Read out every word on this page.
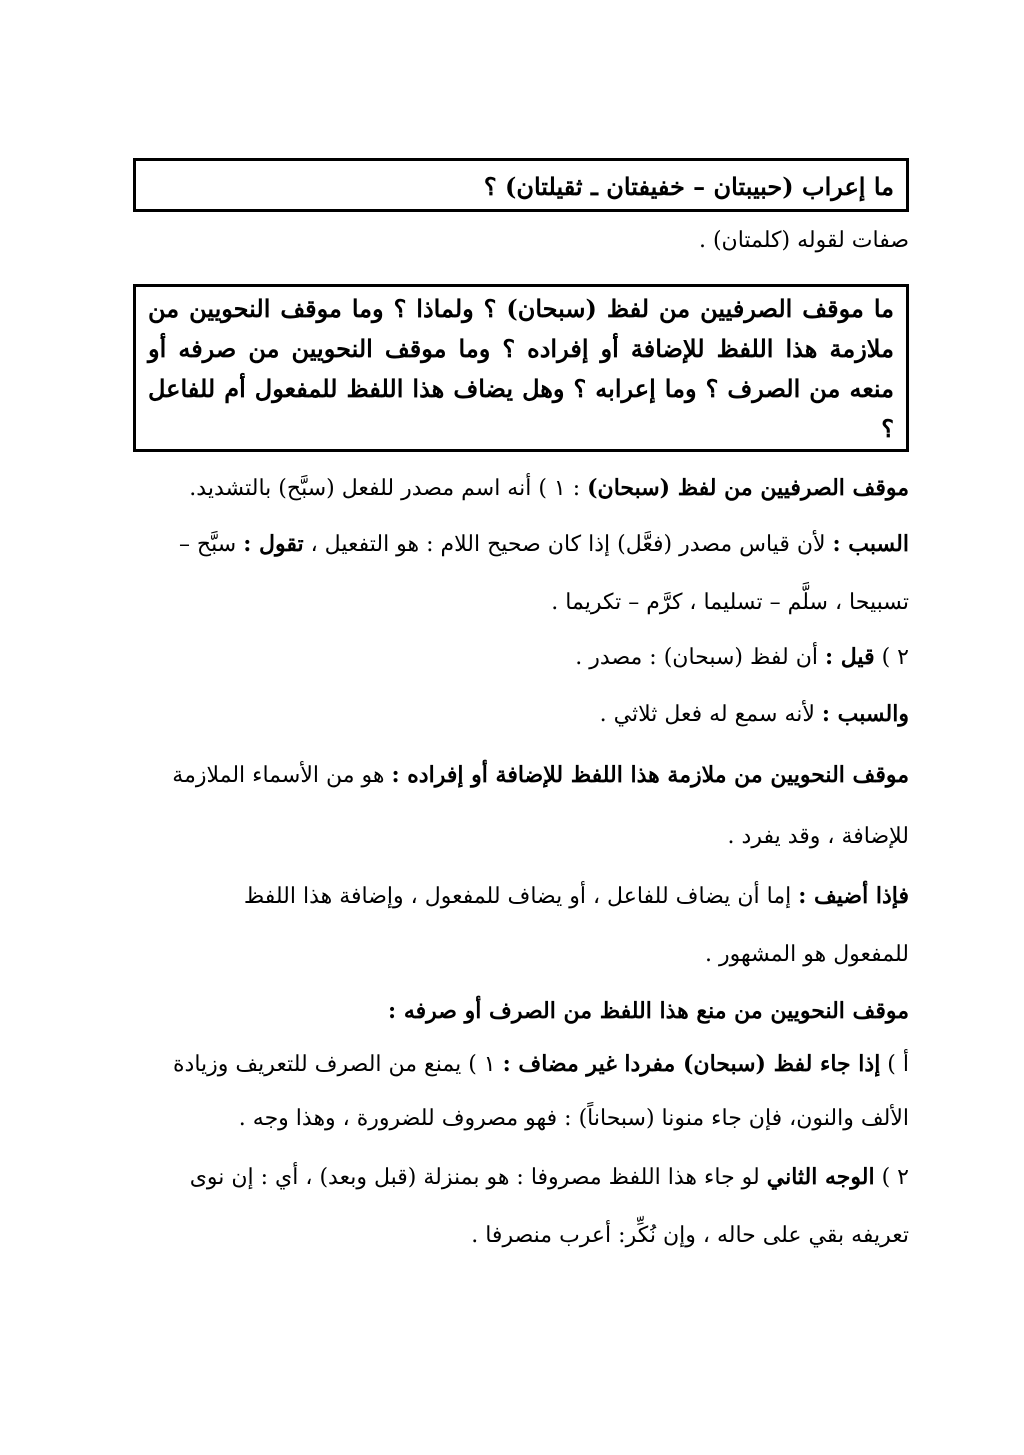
ما إعراب (حبيبتان – خفيفتان ـ ثقيلتان) ؟
صفات لقوله (كلمتان) .
ما موقف الصرفيين من لفظ (سبحان) ؟ ولماذا ؟ وما موقف النحويين من ملازمة هذا اللفظ للإضافة أو إفراده ؟ وما موقف النحويين من صرفه أو منعه من الصرف ؟ وما إعرابه ؟ وهل يضاف هذا اللفظ للمفعول أم للفاعل ؟
موقف الصرفيين من لفظ (سبحان) : ١ ) أنه اسم مصدر للفعل (سبَّح) بالتشديد.
السبب : لأن قياس مصدر (فعَّل) إذا كان صحيح اللام : هو التفعيل ، تقول : سبَّح –
تسبيحا ، سلَّم – تسليما ، كرَّم – تكريما .
٢ ) قيل : أن لفظ (سبحان) : مصدر .
والسبب : لأنه سمع له فعل ثلاثي .
موقف النحويين من ملازمة هذا اللفظ للإضافة أو إفراده : هو من الأسماء الملازمة
للإضافة ، وقد يفرد .
فإذا أضيف : إما أن يضاف للفاعل ، أو يضاف للمفعول ، وإضافة هذا اللفظ
للمفعول هو المشهور .
موقف النحويين من منع هذا اللفظ من الصرف أو صرفه :
أ ) إذا جاء لفظ (سبحان) مفردا غير مضاف : ١ ) يمنع من الصرف للتعريف وزيادة
الألف والنون، فإن جاء منونا (سبحاناً) : فهو مصروف للضرورة ، وهذا وجه .
٢ ) الوجه الثاني لو جاء هذا اللفظ مصروفا : هو بمنزلة (قبل وبعد) ، أي : إن نوى
تعريفه بقي على حاله ، وإن نُكِّر: أعرب منصرفا .
